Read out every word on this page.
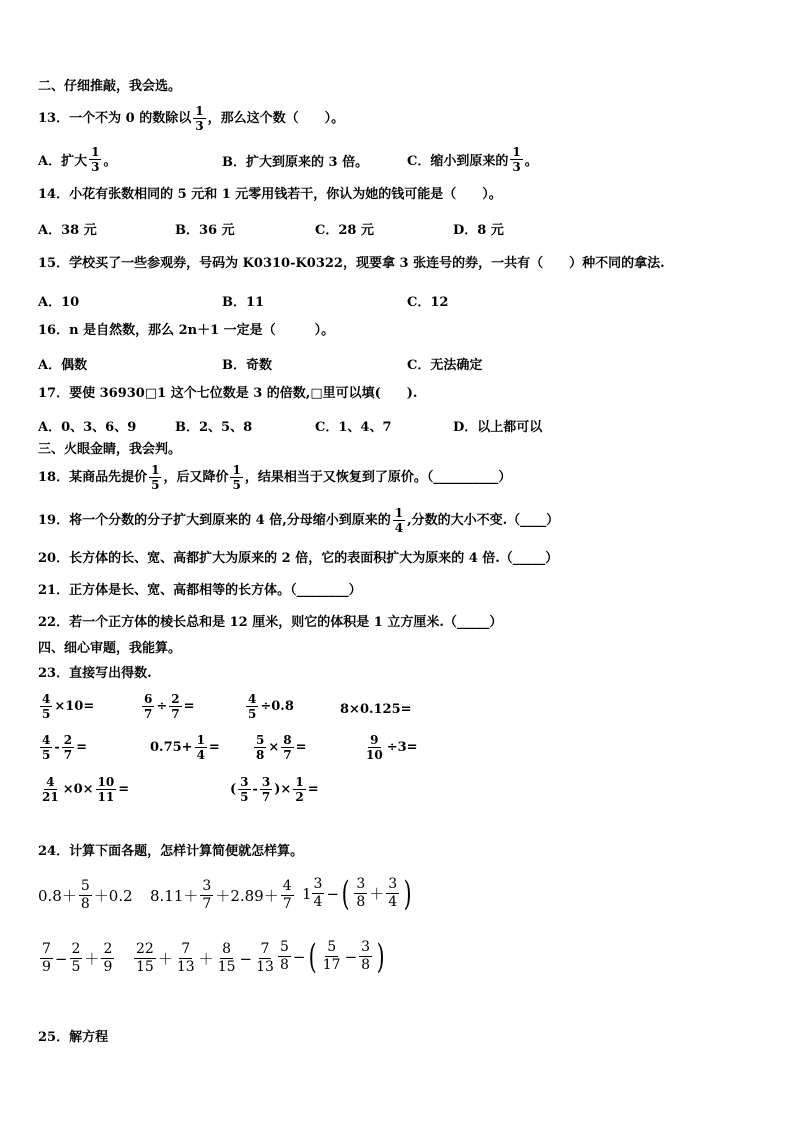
二、仔细推敲，我会选。
13．一个不为 0 的数除以 $\frac{1}{3}$ ，那么这个数（　　）。
A．扩大 $\frac{1}{3}$ 。	B．扩大到原来的 3 倍。	C．缩小到原来的 $\frac{1}{3}$ 。
14．小花有张数相同的 5 元和 1 元零用钱若干，你认为她的钱可能是（　　）。
A．38 元	B．36 元	C．28 元	D．8 元
15．学校买了一些参观券，号码为 K0310-K0322，现要拿 3 张连号的券，一共有（　　）种不同的拿法.
A．10	B．11	C．12
16．n 是自然数，那么 2n＋1 一定是（　　　）。
A．偶数	B．奇数	C．无法确定
17．要使 36930□1 这个七位数是 3 的倍数,□里可以填(　　).
A．0、3、6、9	B．2、5、8	C．1、4、7	D．以上都可以
三、火眼金睛，我会判。
18．某商品先提价 $\frac{1}{5}$ ，后又降价 $\frac{1}{5}$ ，结果相当于又恢复到了原价。（__________）
19．将一个分数的分子扩大到原来的 4 倍,分母缩小到原来的 $\frac{1}{4}$ ,分数的大小不变.（____）
20．长方体的长、宽、高都扩大为原来的 2 倍，它的表面积扩大为原来的 4 倍.（_____）
21．正方体是长、宽、高都相等的长方体。（________）
22．若一个正方体的棱长总和是 12 厘米，则它的体积是 1 立方厘米.（_____）
四、细心审题，我能算。
23．直接写出得数.
$\frac{4}{5} \times 10=$	$\frac{6}{7} \div \frac{2}{7}$ =	$\frac{4}{5} \div 0.8$	8×0.125=
$\frac{4}{5} - \frac{2}{7}$ =	$0.75+ \frac{1}{4}$ =	$\frac{5}{8} \times \frac{8}{7}$ =	$\frac{9}{10} \div 3=$
$\frac{4}{21} \times 0\times \frac{10}{11}$ =	( $\frac{3}{5} - \frac{3}{7}$ )× $\frac{1}{2}$ =
24．计算下面各题，怎样计算简便就怎样算。
$0.8+ \frac{5}{8} +0.2$ $8.11+ \frac{3}{7} +2.89+ \frac{4}{7} 1 \frac{3}{4}$ − ( $\frac{3}{8} + \frac{3}{4}$ )
$\frac{7}{9} - \frac{2}{5} + \frac{2}{9} \frac{22}{15} + \frac{7}{13} + \frac{8}{15} - \frac{7}{13} \frac{5}{8}$ − ( $\frac{5}{17} - \frac{3}{8}$ )
25．解方程
